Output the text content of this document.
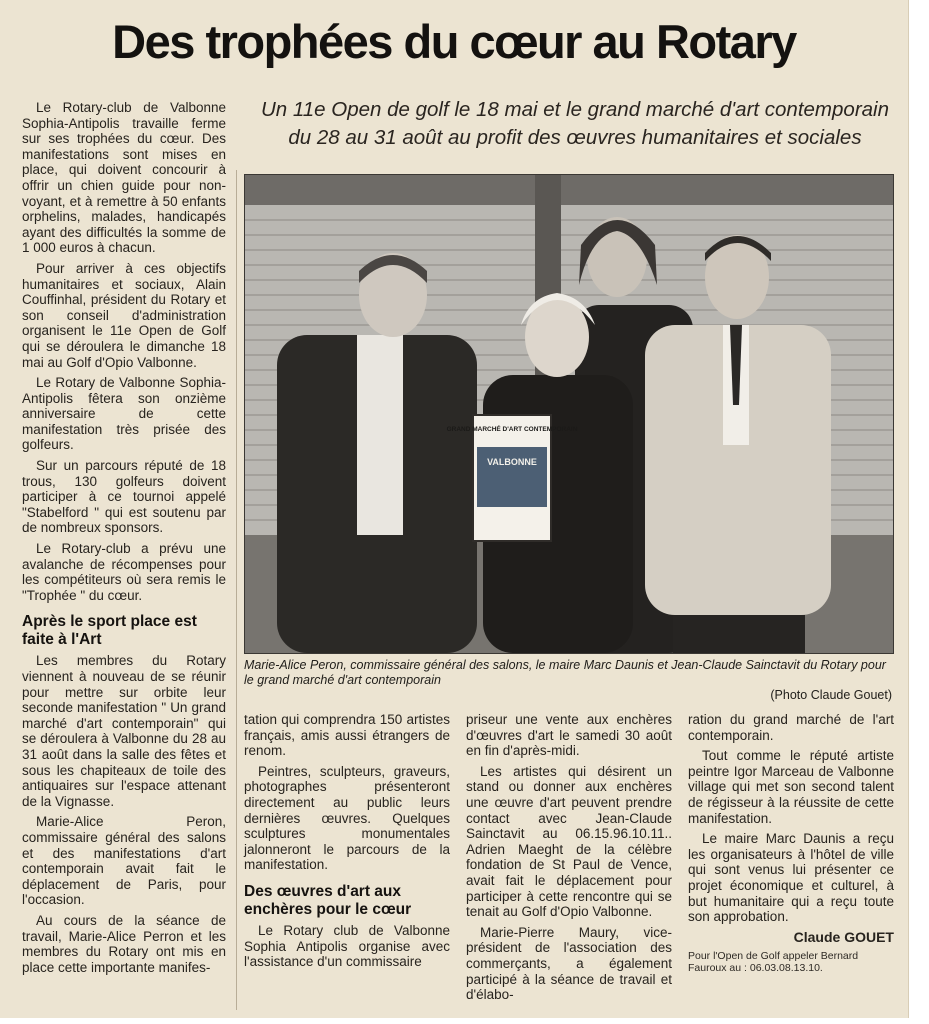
Des trophées du cœur au Rotary
Un 11e Open de golf le 18 mai et le grand marché d'art contemporain du 28 au 31 août au profit des œuvres humanitaires et sociales

Le Rotary-club de Valbonne Sophia-Antipolis travaille ferme sur ses trophées du cœur. Des manifestations sont mises en place, qui doivent concourir à offrir un chien guide pour non-voyant, et à remettre à 50 enfants orphelins, malades, handicapés ayant des difficultés la somme de 1 000 euros à chacun.

Pour arriver à ces objectifs humanitaires et sociaux, Alain Couffinhal, président du Rotary et son conseil d'administration organisent le 11e Open de Golf qui se déroulera le dimanche 18 mai au Golf d'Opio Valbonne.

Le Rotary de Valbonne Sophia-Antipolis fêtera son onzième anniversaire de cette manifestation très prisée des golfeurs.

Sur un parcours réputé de 18 trous, 130 golfeurs doivent participer à ce tournoi appelé "Stabelford " qui est soutenu par de nombreux sponsors.

Le Rotary-club a prévu une avalanche de récompenses pour les compétiteurs où sera remis le "Trophée " du cœur.

Après le sport place est faite à l'Art

Les membres du Rotary viennent à nouveau de se réunir pour mettre sur orbite leur seconde manifestation " Un grand marché d'art contemporain" qui se déroulera à Valbonne du 28 au 31 août dans la salle des fêtes et sous les chapiteaux de toile des antiquaires sur l'espace attenant de la Vignasse.

Marie-Alice Peron, commissaire général des salons et des manifestations d'art contemporain avait fait le déplacement de Paris, pour l'occasion.

Au cours de la séance de travail, Marie-Alice Perron et les membres du Rotary ont mis en place cette importante manifes-

GRAND MARCHÉ D'ART CONTEMPORAIN
VALBONNE
Marie-Alice Peron, commissaire général des salons, le maire Marc Daunis et Jean-Claude Sainctavit du Rotary pour le grand marché d'art contemporain
(Photo Claude Gouet)

tation qui comprendra 150 artistes français, amis aussi étrangers de renom.

Peintres, sculpteurs, graveurs, photographes présenteront directement au public leurs dernières œuvres. Quelques sculptures monumentales jalonneront le parcours de la manifestation.

Des œuvres d'art aux enchères pour le cœur

Le Rotary club de Valbonne Sophia Antipolis organise avec l'assistance d'un commissaire

priseur une vente aux enchères d'œuvres d'art le samedi 30 août en fin d'après-midi.

Les artistes qui désirent un stand ou donner aux enchères une œuvre d'art peuvent prendre contact avec Jean-Claude Sainctavit au 06.15.96.10.11.. Adrien Maeght de la célèbre fondation de St Paul de Vence, avait fait le déplacement pour participer à cette rencontre qui se tenait au Golf d'Opio Valbonne.

Marie-Pierre Maury, vice-président de l'association des commerçants, a également participé à la séance de travail et d'élabo-

ration du grand marché de l'art contemporain.

Tout comme le réputé artiste peintre Igor Marceau de Valbonne village qui met son second talent de régisseur à la réussite de cette manifestation.

Le maire Marc Daunis a reçu les organisateurs à l'hôtel de ville qui sont venus lui présenter ce projet économique et culturel, à but humanitaire qui a reçu toute son approbation.

Claude GOUET

Pour l'Open de Golf appeler Bernard Fauroux au : 06.03.08.13.10.
